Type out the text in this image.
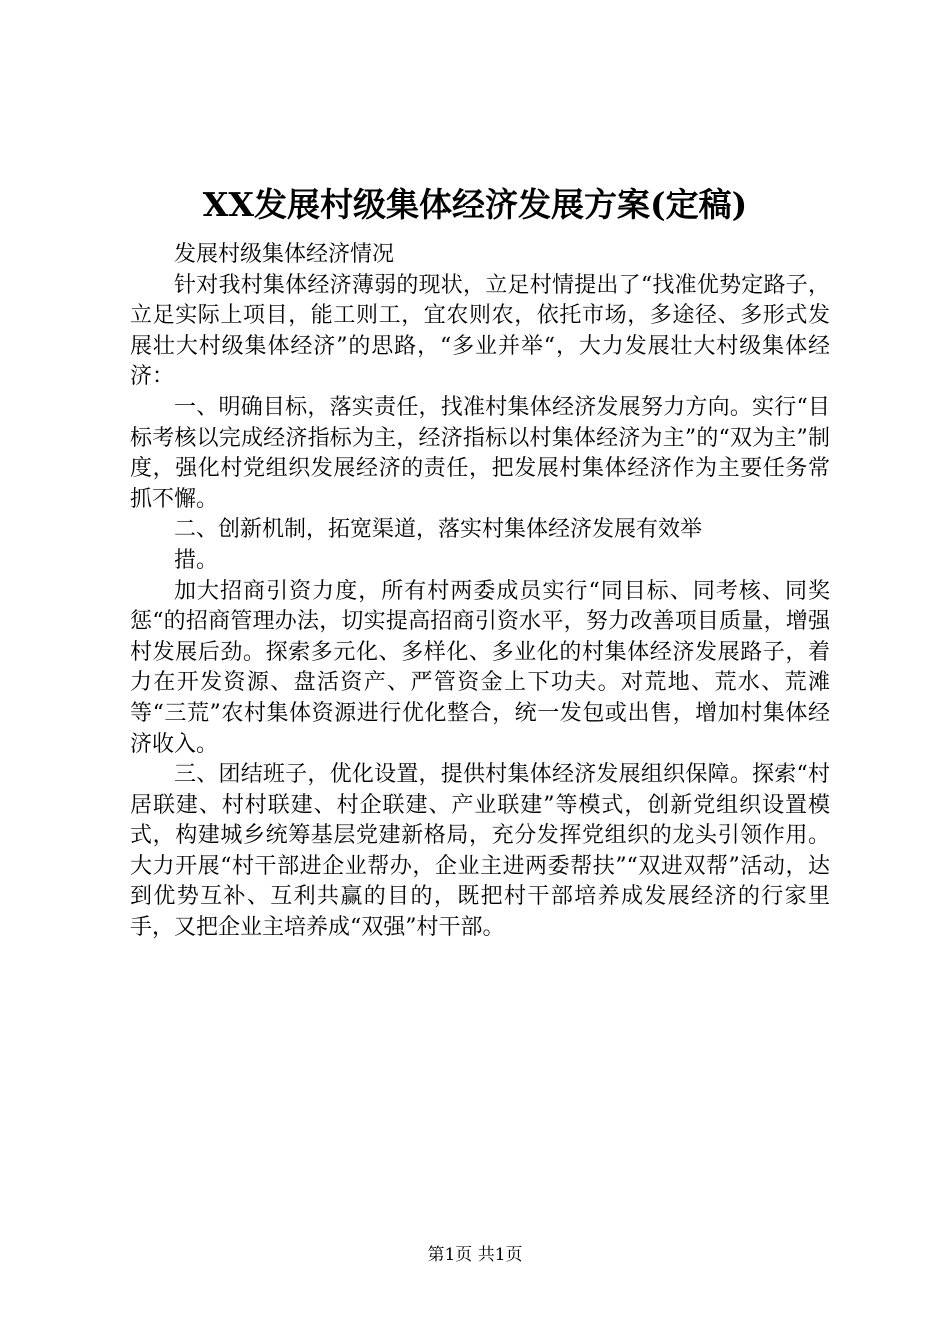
XX发展村级集体经济发展方案(定稿)

发展村级集体经济情况

针对我村集体经济薄弱的现状，立足村情提出了“找准优势定路子，立足实际上项目，能工则工，宜农则农，依托市场，多途径、多形式发展壮大村级集体经济”的思路，“多业并举“，大力发展壮大村级集体经济：

一、明确目标，落实责任，找准村集体经济发展努力方向。实行“目标考核以完成经济指标为主，经济指标以村集体经济为主”的“双为主”制度，强化村党组织发展经济的责任，把发展村集体经济作为主要任务常抓不懈。

二、创新机制，拓宽渠道，落实村集体经济发展有效举

措。

加大招商引资力度，所有村两委成员实行“同目标、同考核、同奖惩“的招商管理办法，切实提高招商引资水平，努力改善项目质量，增强村发展后劲。探索多元化、多样化、多业化的村集体经济发展路子，着力在开发资源、盘活资产、严管资金上下功夫。对荒地、荒水、荒滩等“三荒”农村集体资源进行优化整合，统一发包或出售，增加村集体经济收入。

三、团结班子，优化设置，提供村集体经济发展组织保障。探索“村居联建、村村联建、村企联建、产业联建”等模式，创新党组织设置模式，构建城乡统筹基层党建新格局，充分发挥党组织的龙头引领作用。大力开展“村干部进企业帮办，企业主进两委帮扶”“双进双帮”活动，达到优势互补、互利共赢的目的，既把村干部培养成发展经济的行家里手，又把企业主培养成“双强”村干部。

第1页 共1页
